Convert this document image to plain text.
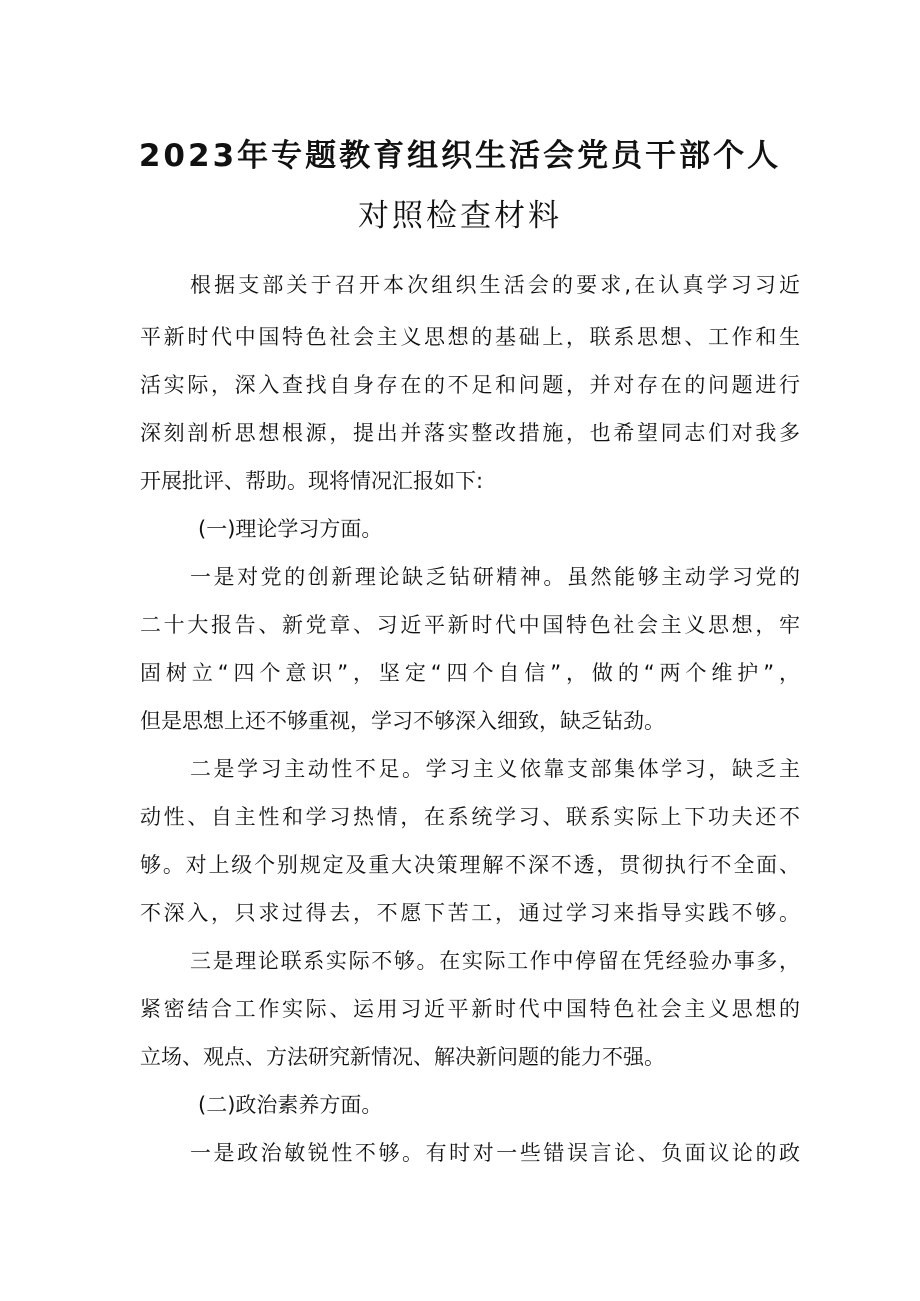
2023年专题教育组织生活会党员干部个人
对照检查材料
根据支部关于召开本次组织生活会的要求,在认真学习习近
平新时代中国特色社会主义思想的基础上，联系思想、工作和生
活实际，深入查找自身存在的不足和问题，并对存在的问题进行
深刻剖析思想根源，提出并落实整改措施，也希望同志们对我多
开展批评、帮助。现将情况汇报如下:
(一)理论学习方面。
一是对党的创新理论缺乏钻研精神。虽然能够主动学习党的
二十大报告、新党章、习近平新时代中国特色社会主义思想，牢
固树立“四个意识”，坚定“四个自信”，做的“两个维护”，
但是思想上还不够重视，学习不够深入细致，缺乏钻劲。
二是学习主动性不足。学习主义依靠支部集体学习，缺乏主
动性、自主性和学习热情，在系统学习、联系实际上下功夫还不
够。对上级个别规定及重大决策理解不深不透，贯彻执行不全面、
不深入，只求过得去，不愿下苦工，通过学习来指导实践不够。
三是理论联系实际不够。在实际工作中停留在凭经验办事多，
紧密结合工作实际、运用习近平新时代中国特色社会主义思想的
立场、观点、方法研究新情况、解决新问题的能力不强。
(二)政治素养方面。
一是政治敏锐性不够。有时对一些错误言论、负面议论的政
